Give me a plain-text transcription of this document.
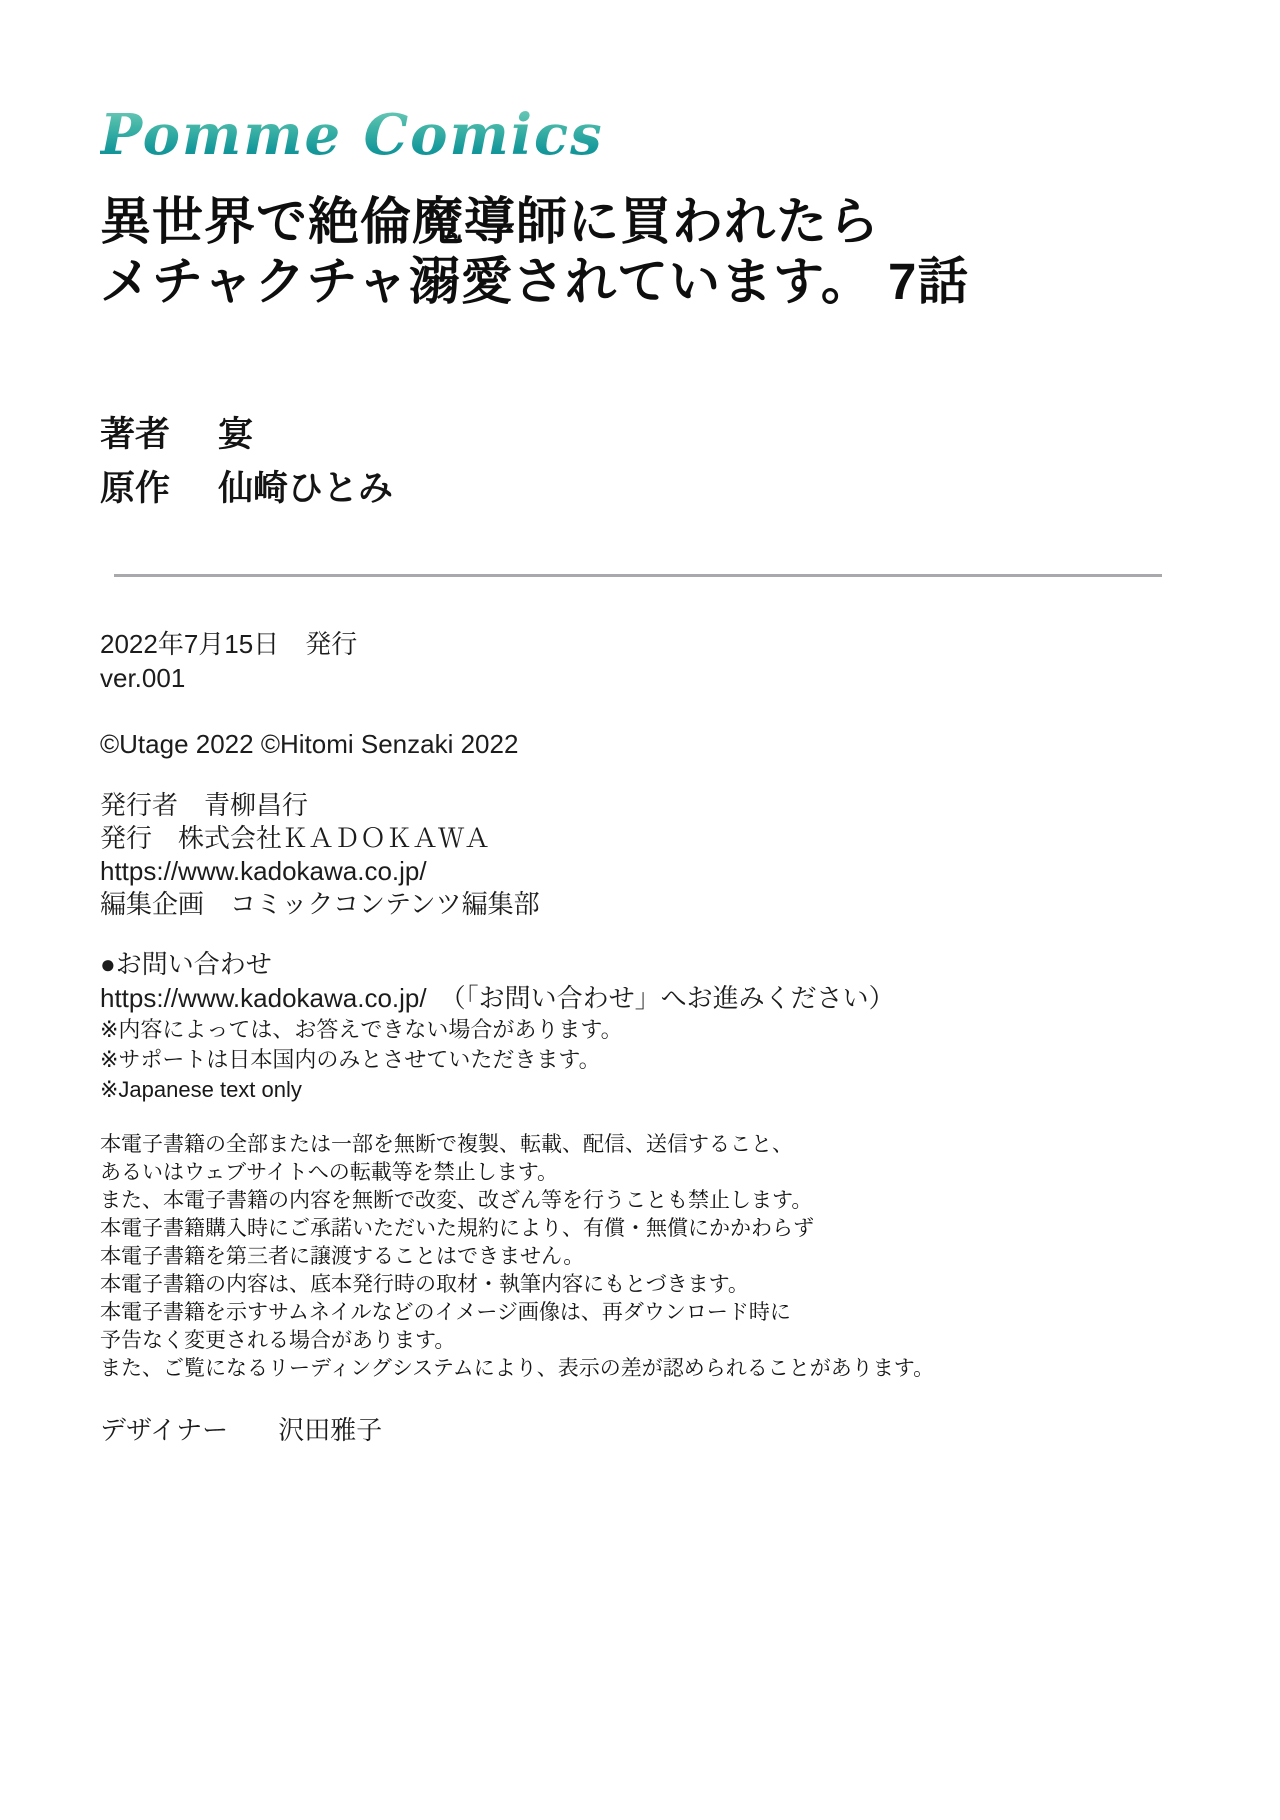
Pomme Comics
異世界で絶倫魔導師に買われたら
メチャクチャ溺愛されています。 7話
著者	宴
原作	仙崎ひとみ
2022年7月15日　発行
ver.001
©Utage 2022 ©Hitomi Senzaki 2022
発行者　青柳昌行
発行　株式会社ＫＡＤＯＫＡＷＡ
https://www.kadokawa.co.jp/
編集企画　コミックコンテンツ編集部
●お問い合わせ
https://www.kadokawa.co.jp/　（「お問い合わせ」へお進みください）
※内容によっては、お答えできない場合があります。
※サポートは日本国内のみとさせていただきます。
※Japanese text only
本電子書籍の全部または一部を無断で複製、転載、配信、送信すること、
あるいはウェブサイトへの転載等を禁止します。
また、本電子書籍の内容を無断で改変、改ざん等を行うことも禁止します。
本電子書籍購入時にご承諾いただいた規約により、有償・無償にかかわらず
本電子書籍を第三者に譲渡することはできません。
本電子書籍の内容は、底本発行時の取材・執筆内容にもとづきます。
本電子書籍を示すサムネイルなどのイメージ画像は、再ダウンロード時に
予告なく変更される場合があります。
また、ご覧になるリーディングシステムにより、表示の差が認められることがあります。
デザイナー 沢田雅子
